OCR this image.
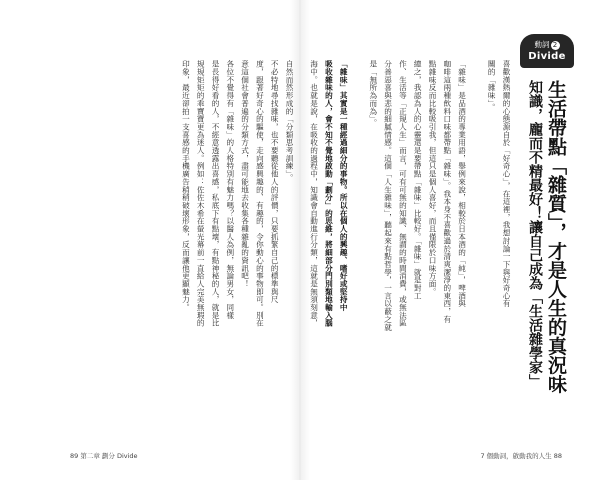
動詞 2
Divide
生活帶點「雜質」，才是人生的真況味
知識，龐而不精最好！讓自己成為「生活雜學家」
喜歡漢熱爾的心態源自於「好奇心」，在這裡，我想討論一下與好奇心有
關的「雜味」。
「雜味」是品酒的專業用語，舉例來說，相較於日本酒的「純」，啤酒與
咖啡這兩種飲料口味都帶點「雜味」。我本身不喜歡過於清爽潔淨的東西，有
點雜味反而比較吸引我，但這只是個人喜好，而且僅限於口味方面。
總之，我認為人的心靈還是要帶點「雜味」比較好。「雜味」就是對工
作、生活等「正規人生」而言，可有可無的知識、無謂的時間消費，或無法區
分善惡喜與悲的細膩情感。這個「人生雜味」，聽起來有點哲學，一言以蔽之就
是「無所為而為」。
「雜味」其實是一種經過細分的事物。所以在個人的興趣、嗜好或堅持中
吸收雜味的人，會不知不覺地啟動「劃分」的思維，將細部分門別類地輸入腦
海中。也就是說，在吸收的過程中，知識會自動進行分類，這就是無須刻意，
自然而然形成的「分類思考訓練」。
不必特地尋找雜味，也不要聽從他人的評價，只要抓緊自己的標準與尺
度，跟著好奇心的驅使，走向感興趣的、有趣的，令你動心的事物即可。別在
意這個社會普遍的分類方式，盡可能地去收集各種雜亂的資訊吧！
各位不覺得有「雜味」的人格特別有魅力嗎？以醫人為例，無論男女，同樣
是長得好看的人，不經意透露出喜感，私底下有點壞，有點神秘的人，就是比
規規矩矩的乖寶寶更為迷人。例如：佐佐木希在螢光幕前一直給人完美無瑕的
印象，最近卻拍一支喜感的手機廣告稍稍破壞形象，反而讓他更顯魅力。
89 第二章 劃分 Divide	7 個動詞，啟動我的人生 88
